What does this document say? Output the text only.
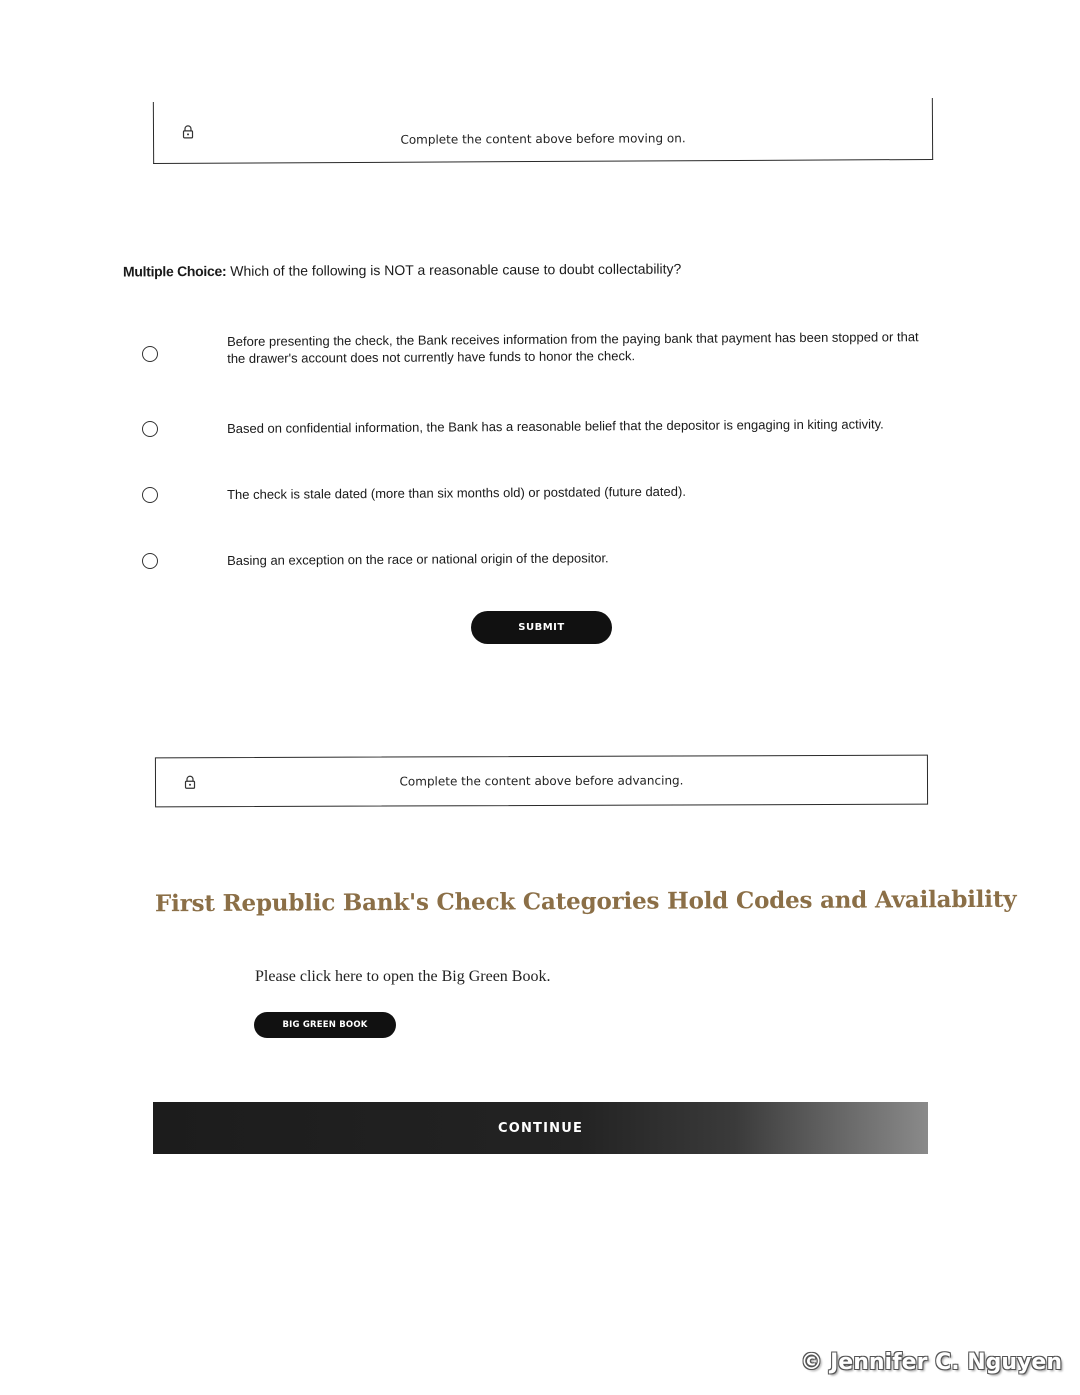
Complete the content above before moving on.
Multiple Choice: Which of the following is NOT a reasonable cause to doubt collectability?
Before presenting the check, the Bank receives information from the paying bank that payment has been stopped or that the drawer's account does not currently have funds to honor the check.
Based on confidential information, the Bank has a reasonable belief that the depositor is engaging in kiting activity.
The check is stale dated (more than six months old) or postdated (future dated).
Basing an exception on the race or national origin of the depositor.
SUBMIT
Complete the content above before advancing.
First Republic Bank's Check Categories Hold Codes and Availability
Please click here to open the Big Green Book.
BIG GREEN BOOK
CONTINUE
© Jennifer C. Nguyen
